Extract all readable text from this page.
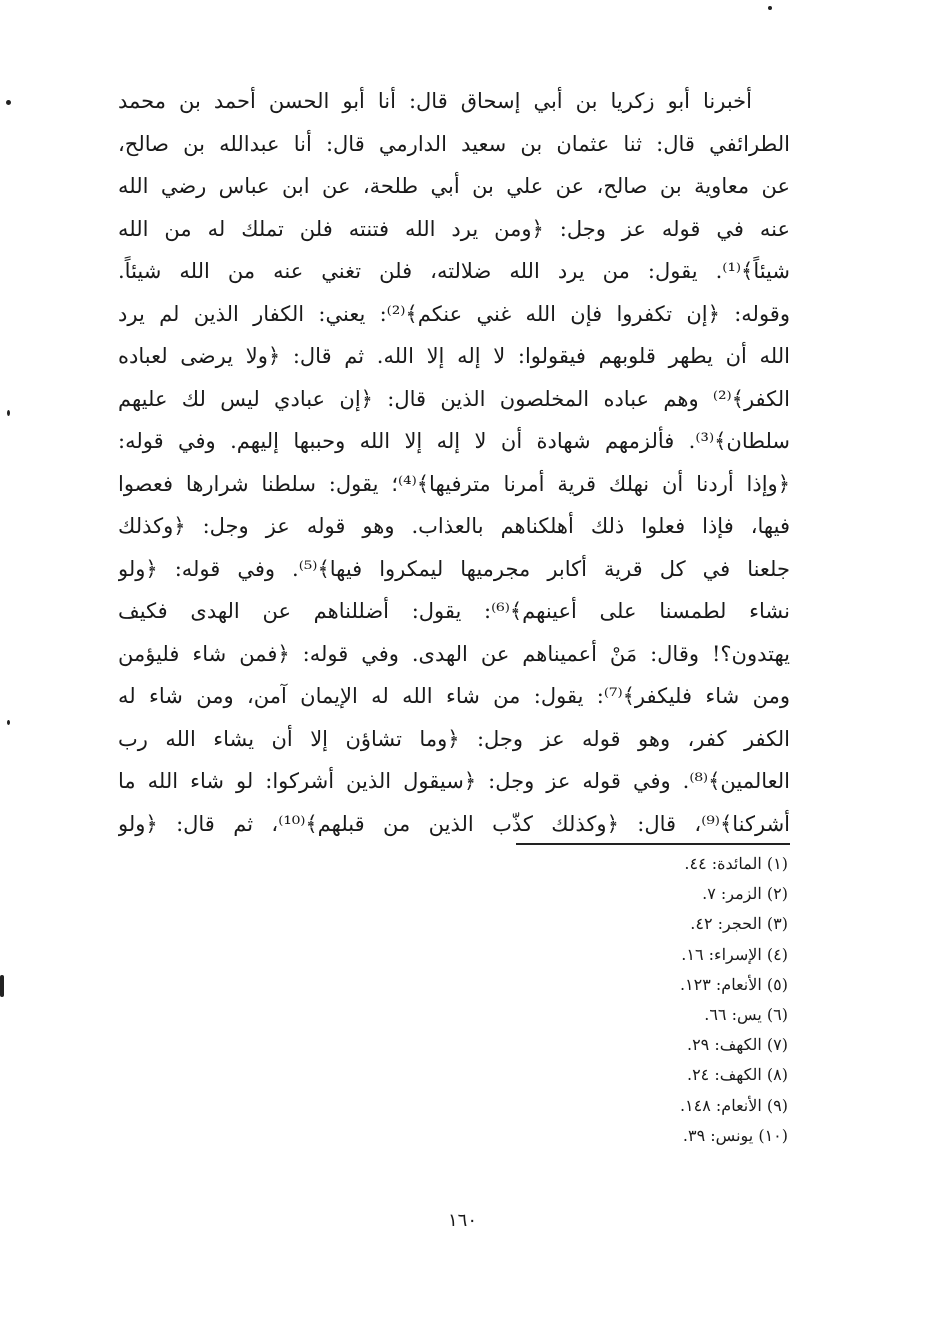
أخبرنا أبو زكريا بن أبي إسحاق قال: أنا أبو الحسن أحمد بن محمد
الطرائفي قال: ثنا عثمان بن سعيد الدارمي قال: أنا عبدالله بن صالح،
عن معاوية بن صالح، عن علي بن أبي طلحة، عن ابن عباس رضي الله
عنه في قوله عز وجل: ﴿ومن يرد الله فتنته فلن تملك له من الله
شيئاً﴾⁽¹⁾. يقول: من يرد الله ضلالته، فلن تغني عنه من الله شيئاً.
وقوله: ﴿إن تكفروا فإن الله غني عنكم﴾⁽²⁾: يعني: الكفار الذين لم يرد
الله أن يطهر قلوبهم فيقولوا: لا إله إلا الله. ثم قال: ﴿ولا يرضى لعباده
الكفر﴾⁽²⁾ وهم عباده المخلصون الذين قال: ﴿إن عبادي ليس لك عليهم
سلطان﴾⁽³⁾. فألزمهم شهادة أن لا إله إلا الله وحببها إليهم. وفي قوله:
﴿وإذا أردنا أن نهلك قرية أمرنا مترفيها﴾⁽⁴⁾؛ يقول: سلطنا شرارها فعصوا
فيها، فإذا فعلوا ذلك أهلكناهم بالعذاب. وهو قوله عز وجل: ﴿وكذلك
جلعنا في كل قرية أكابر مجرميها ليمكروا فيها﴾⁽⁵⁾. وفي قوله: ﴿ولو
نشاء لطمسنا على أعينهم﴾⁽⁶⁾: يقول: أضللناهم عن الهدى فكيف
يهتدون؟! وقال: مَنْ أعميناهم عن الهدى. وفي قوله: ﴿فمن شاء فليؤمن
ومن شاء فليكفر﴾⁽⁷⁾: يقول: من شاء الله له الإيمان آمن، ومن شاء له
الكفر كفر، وهو قوله عز وجل: ﴿وما تشاؤن إلا أن يشاء الله رب
العالمين﴾⁽⁸⁾. وفي قوله عز وجل: ﴿سيقول الذين أشركوا: لو شاء الله ما
أشركنا﴾⁽⁹⁾، قال: ﴿وكذلك كذّب الذين من قبلهم﴾⁽¹⁰⁾، ثم قال: ﴿ولو
(١) المائدة: ٤٤.
(٢) الزمر: ٧.
(٣) الحجر: ٤٢.
(٤) الإسراء: ١٦.
(٥) الأنعام: ١٢٣.
(٦) يس: ٦٦.
(٧) الكهف: ٢٩.
(٨) الكهف: ٢٤.
(٩) الأنعام: ١٤٨.
(١٠) يونس: ٣٩.
١٦٠
